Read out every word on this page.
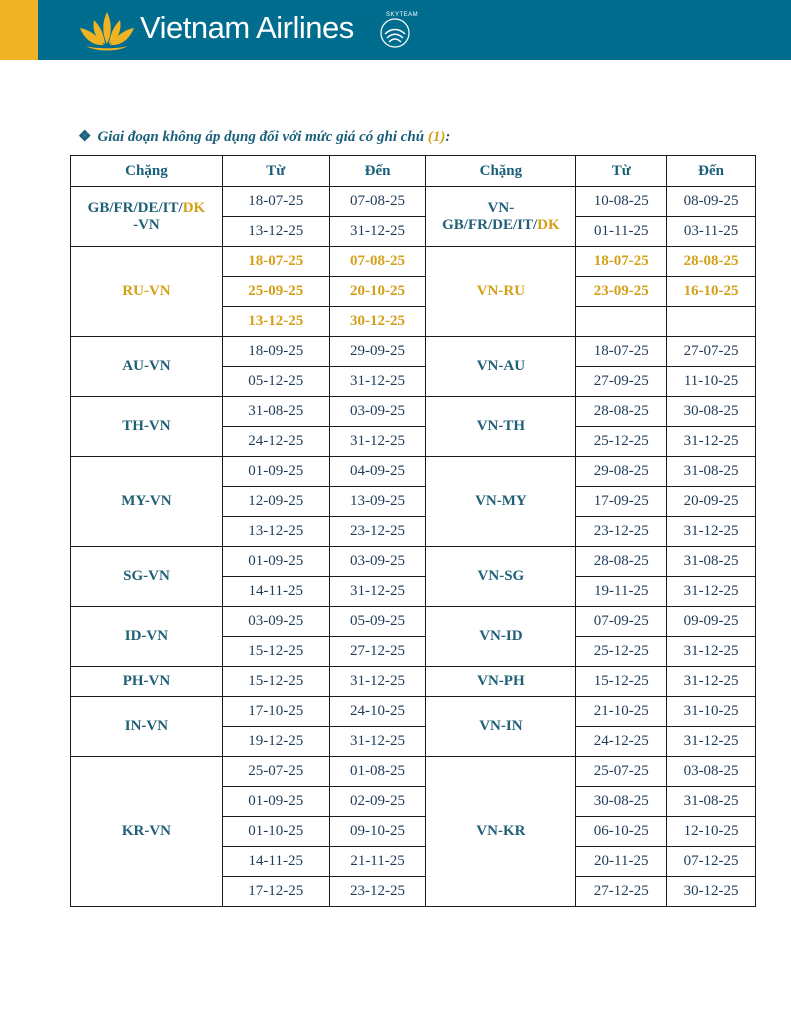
Vietnam Airlines	SKYTEAM
❖ Giai đoạn không áp dụng đối với mức giá có ghi chú (1):
Chặng	Từ	Đến	Chặng	Từ	Đến
GB/FR/DE/IT/DK
-VN	18-07-25	07-08-25	VN-
GB/FR/DE/IT/DK	10-08-25	08-09-25
	13-12-25	31-12-25		01-11-25	03-11-25
RU-VN	18-07-25	07-08-25	VN-RU	18-07-25	28-08-25
	25-09-25	20-10-25		23-09-25	16-10-25
	13-12-25	30-12-25			
AU-VN	18-09-25	29-09-25	VN-AU	18-07-25	27-07-25
	05-12-25	31-12-25		27-09-25	11-10-25
TH-VN	31-08-25	03-09-25	VN-TH	28-08-25	30-08-25
	24-12-25	31-12-25		25-12-25	31-12-25
MY-VN	01-09-25	04-09-25	VN-MY	29-08-25	31-08-25
	12-09-25	13-09-25		17-09-25	20-09-25
	13-12-25	23-12-25		23-12-25	31-12-25
SG-VN	01-09-25	03-09-25	VN-SG	28-08-25	31-08-25
	14-11-25	31-12-25		19-11-25	31-12-25
ID-VN	03-09-25	05-09-25	VN-ID	07-09-25	09-09-25
	15-12-25	27-12-25		25-12-25	31-12-25
PH-VN	15-12-25	31-12-25	VN-PH	15-12-25	31-12-25
IN-VN	17-10-25	24-10-25	VN-IN	21-10-25	31-10-25
	19-12-25	31-12-25		24-12-25	31-12-25
KR-VN	25-07-25	01-08-25	VN-KR	25-07-25	03-08-25
	01-09-25	02-09-25		30-08-25	31-08-25
	01-10-25	09-10-25		06-10-25	12-10-25
	14-11-25	21-11-25		20-11-25	07-12-25
	17-12-25	23-12-25		27-12-25	30-12-25
